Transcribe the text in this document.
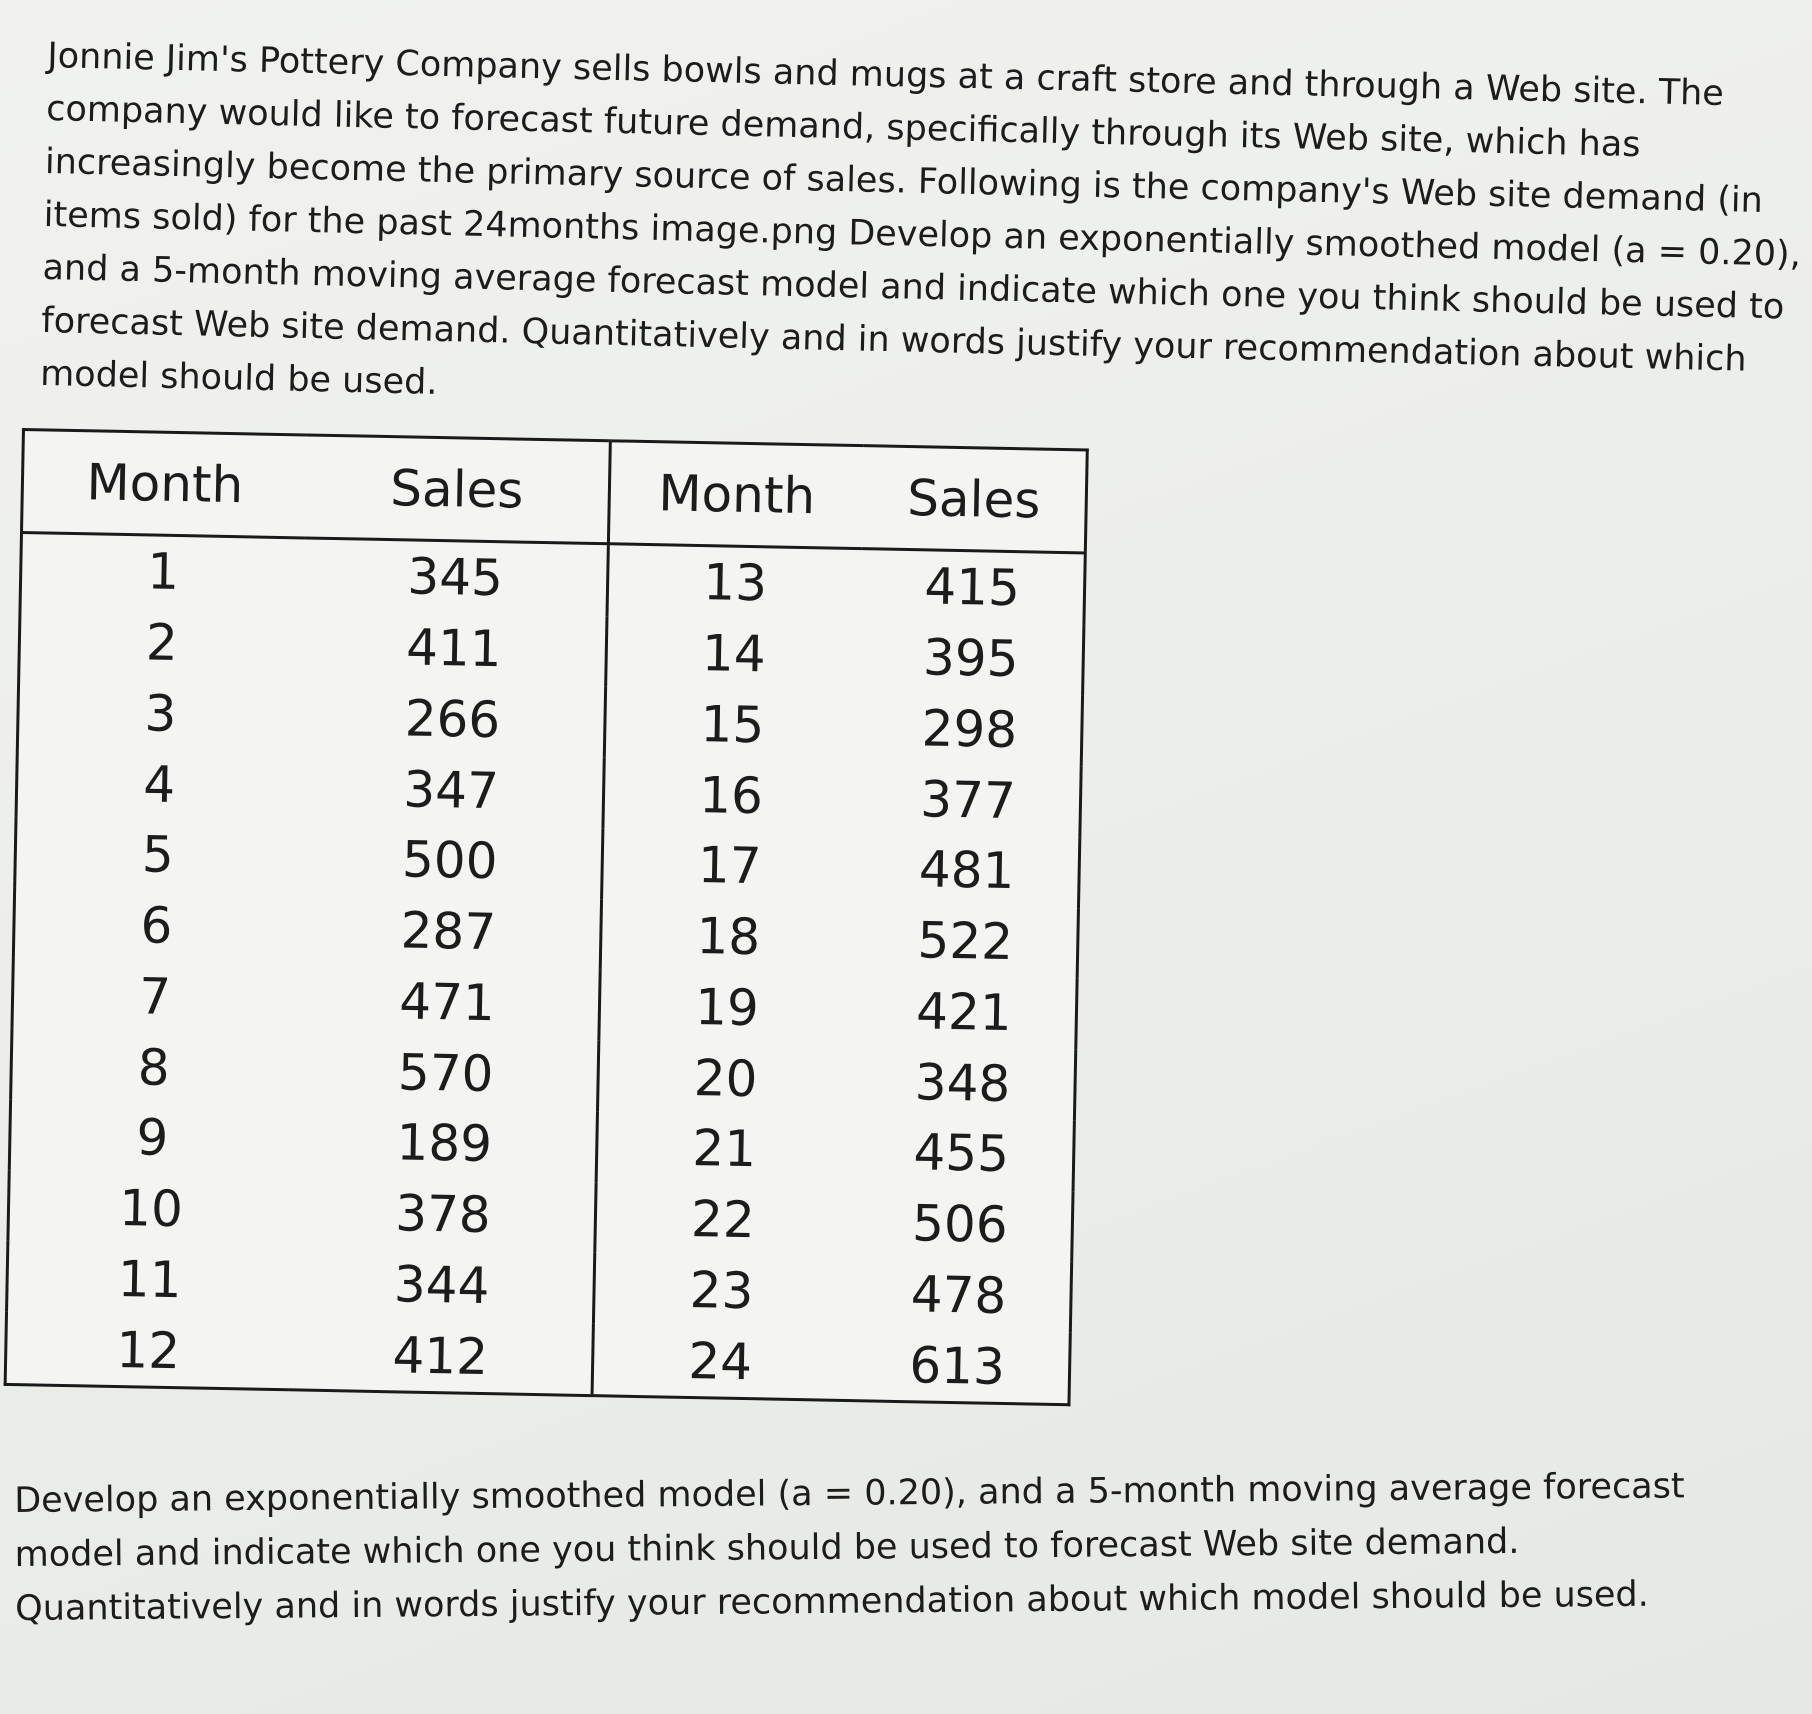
Jonnie Jim's Pottery Company sells bowls and mugs at a craft store and through a Web site. The company would like to forecast future demand, specifically through its Web site, which has increasingly become the primary source of sales. Following is the company's Web site demand (in items sold) for the past 24months image.png Develop an exponentially smoothed model (a = 0.20), and a 5-month moving average forecast model and indicate which one you think should be used to forecast Web site demand. Quantitatively and in words justify your recommendation about which model should be used.

Month	Sales	Month	Sales
1	345	13	415
2	411	14	395
3	266	15	298
4	347	16	377
5	500	17	481
6	287	18	522
7	471	19	421
8	570	20	348
9	189	21	455
10	378	22	506
11	344	23	478
12	412	24	613

Develop an exponentially smoothed model (a = 0.20), and a 5-month moving average forecast model and indicate which one you think should be used to forecast Web site demand. Quantitatively and in words justify your recommendation about which model should be used.
